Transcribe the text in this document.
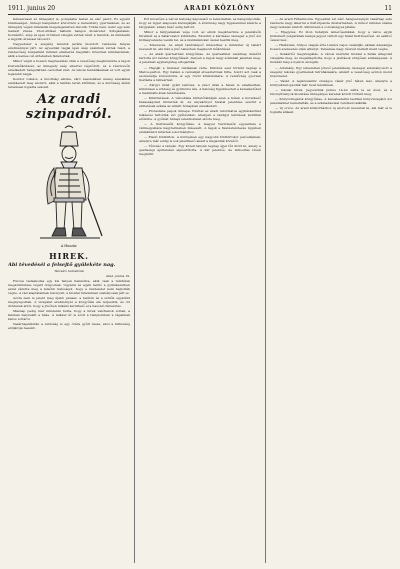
1911. junius 20	ARADI KÖZLÖNY	11

Kétszeresen az ünnepélyt is, pompásba festen az első padot. Ez egyéni büszkeséget, ünnepi hangulatot kölcsönöz a keresztény gyermeknek, és az ünnepély végén mindenki megelégedetten távozik. Többé nem, nem! egy sem maradt vissza. Uton-utfélen hallunk hangos dicséretet. Kifogástalan, hozzáértő, szép és igen örömteli vizsgán vettek részt a tanulók, és mindenki a legjobb érzéssel távozott.

Negyedszer a szegény tanulók javára mondott rendezés fényes eredménnyel járt. Az egyesület tagjai igen szép számban vettek részt, a rendezőség buzgalmát minden elismerés megilleti. Köszönet mindazoknak, akik a nemes cél érdekében fáradoztak.

Mikor végül a hosszú megbeszélés után a vezetőség megköszönte a tagok közreműködését, az ünnepély szép sikerrel végződött, és a résztvevők emelkedett hangulatban oszlottak szét. Az iskola fennállásának ez volt egyik legszebb napja.

Kondor Lukács, a bizottság elnöke, záró beszédében meleg szavakkal emlékezett meg azokról, akik a tanítás terén kitűntek, és a közönség élénk tetszéssel fogadta szavait.

Az aradi szinpadról.
A Huszár.
HIREK.
Abi tévedéséi a felsejtő gyülekéte nag.
Tárcaíró tudósítónk
Arad, junius 19.

Furcsa vádaskodás egy kis helyen hamisítva, akik csak a rémhírek megszüntetése végett dolgoznak. Ugyanis az egyik tanító a gyülekezetben azzal vádolta meg a felsőbb hatóságot, hogy a rendeletet nem hajtották végre. A vád alaptalannak bizonyult, a hivatal mindenben szabályosan járt el.

Azóta nem is jelent meg újabb panasz, a tanítók és a szülők egyaránt megnyugodtak. A vizsgálat eredményét a közgyűlés elé terjesztik, és ott döntenek arról, hogy a jövőben miként kerülhető el a hasonló félreértés.

Másnap pedig már mindenki tudta, hogy a hírek valótlanok voltak, a faluban helyreállt a béke. A lelkész úr is szólt a templomban a rágalmak káros voltáról.

Vasárnapdélután a zsidóság is egy órára gyűlt össze, ahol a hitközség elöljárója beszélt.

Ezt követően a városi hatóság képviselői is felszólaltak, és hangsúlyozták, hogy az ügyet alaposan kivizsgálják. A közönség nagy figyelemmel kísérte a tárgyalást, amely késő estig tartott.

Mikor a tárgyalásnak vége volt, az elnök megköszönte a jelenlévők türelmét és a határozatot kihirdette. Eszerint a kérdéses összeget a jövő évi költségvetésbe veszik fel, és a munkálatokat ősszel kezdik meg.

— Kinevezés. Az aradi tanítóképző intézethez a miniszter új tanárt nevezett ki, aki már a jövő tanévben megkezdi működését.

— Az aradi ipartestület közgyűlése. Az ipartestület vasárnap délelőtt tartotta évi rendes közgyűlését, melyen a tagok nagy számban jelentek meg. A jelentést egyhangúlag elfogadták.

— Hajóját a tisztelet rablásnak vélte. Különös eset történt tegnap a Maros-parton. Egy halász a csónakját elvesztettnek hitte, holott azt csak a szomszédja kölcsönözte el egy rövid kirándulásra. A rendőrség gyorsan tisztázta a félreértést.

— Zárgyi üzlet gyári leklóles. A piaci árak a héten is emelkedtek, különösen a zöldség és gyümölcs ára. A hatóság figyelmezteti a kereskedőket a maximális árak betartására.

— Kihirdetések. A városháza hirdetőtábláján ezen a héten a következő házasságokat hirdették ki. Az anyakönyvi hivatal jelentése szerint a születések száma az elmúlt hónapban emelkedett.

— Protestáns papok ünnepe. Ezúttal az aradi református egyházkerület lelkészei tartották évi gyűlésüket, amelyen a tanügyi kérdések kerültek előtérbe. A gyűlést ünnepi istentisztelet előzte meg.

— A tisztviselők közgyűlése. A megyei tisztviselők egyesülete a vármegyeháza nagytermében ülésezett. A tagok a fizetésrendezés ügyében emlékiratot intéztek a kormányhoz.

— Eladó földbirtok. A környéken egy nagyobb földbirtokot parcelláznak, amelyre már eddig is sok jelentkező akadt a kisgazdák köréből.

— Tűzvész a tanyán. Egy közeli tanyán tegnap éjjel tűz ütött ki, amely a gazdasági épületeket elpusztította. A kár jelentős, de biztosítás révén megtérül.

— Az aradi Filharmonia. Egyesület évi záró hangversenyét vasárnap este rendezte nagy sikerrel a Kultúrpalota dísztermében. A műsor minden száma nagy tetszést aratott, különösen a vonósnégyes játéka.

— Eljegyzés. Ez úton tudatjuk ismerőseinkkel, hogy a város egyik közismert polgárának leánya jegyet váltott egy fiatal tisztviselővel. Az esküvő ősszel lesz.

— Halálozás. Súlyos csapás érte Lukács Lajos családját, akinek édesanyja hosszú szenvedés után elhunyt. Temetése nagy részvét mellett ment végbe.

— Szakértői megvizsgálás. A városi mérnöki hivatal a hidak állapotát vizsgálta meg, és megállapította, hogy a javítások sürgősen szükségesek. A munkát még a nyáron elvégzik.

— Adomány. Egy ismeretlen jótevő jelentékeny összeget adományozott a szegény iskolás gyermekek felruházására, amiért a vezetőség ezúton mond köszönetet.

— Vásár. A legközelebbi országos vásár jövő héten lesz, amelyre a környékbeli gazdák már most készülnek.

— Iskolai hírek. Jegyzetünk junius 14-én zárta le az évet, és a bizonyítványok kiosztása ünnepélyes keretek között történt meg.

— Könyvvizsgálók közgyűlése. A kereskedelmi testület könyvvizsgálói évi jelentésüket bemutatták, és a számadásokat rendben találták.

— Uj orvos. Az aradi közkórházhoz új alorvost neveztek ki, aki már el is foglalta állását.
